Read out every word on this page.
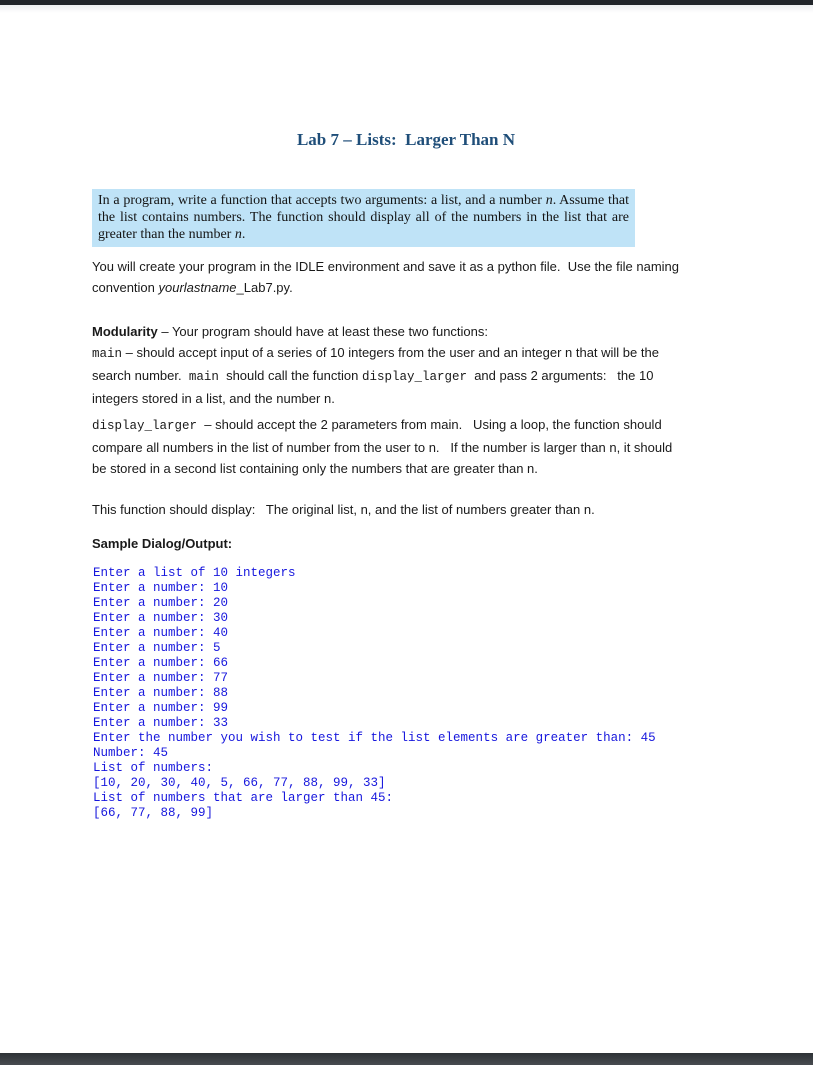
Lab 7 – Lists:  Larger Than N
In a program, write a function that accepts two arguments: a list, and a number n. Assume that the list contains numbers. The function should display all of the numbers in the list that are greater than the number n.
You will create your program in the IDLE environment and save it as a python file.  Use the file naming
convention yourlastname_Lab7.py.
Modularity – Your program should have at least these two functions:
main – should accept input of a series of 10 integers from the user and an integer n that will be the
search number.  main  should call the function display_larger  and pass 2 arguments:   the 10
integers stored in a list, and the number n.
display_larger  – should accept the 2 parameters from main.   Using a loop, the function should
compare all numbers in the list of number from the user to n.   If the number is larger than n, it should
be stored in a second list containing only the numbers that are greater than n.
This function should display:   The original list, n, and the list of numbers greater than n.
Sample Dialog/Output:
Enter a list of 10 integers
Enter a number: 10
Enter a number: 20
Enter a number: 30
Enter a number: 40
Enter a number: 5
Enter a number: 66
Enter a number: 77
Enter a number: 88
Enter a number: 99
Enter a number: 33
Enter the number you wish to test if the list elements are greater than: 45
Number: 45
List of numbers:
[10, 20, 30, 40, 5, 66, 77, 88, 99, 33]
List of numbers that are larger than 45:
[66, 77, 88, 99]
